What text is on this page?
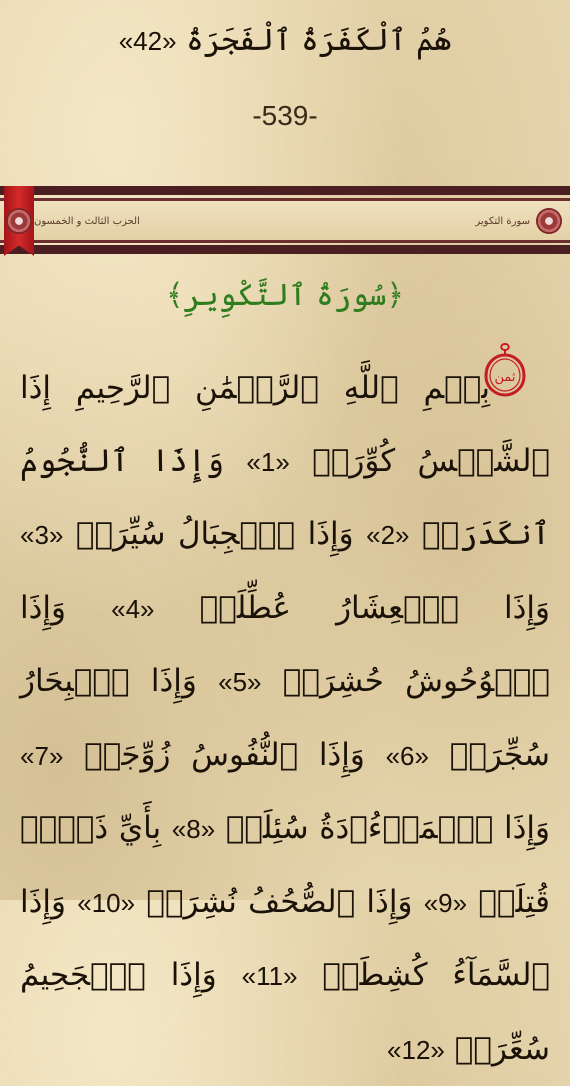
هُمُ ٱلْكَفَرَةُ ٱلْفَجَرَةُ «42»
-539-
الحزب الثالث و الخمسون	سورة التكوير
﴿سُورَةُ ٱلتَّكْوِيرِ﴾
ثمن
بِسۡمِ ٱللَّهِ ٱلرَّحۡمَٰنِ ٱلرَّحِيمِ إِذَا ٱلشَّمۡسُ كُوِّرَتۡ «1» وَإِذَا ٱلنُّجُومُ ٱنكَدَرَتۡ «2» وَإِذَا ٱلۡجِبَالُ سُيِّرَتۡ «3» وَإِذَا ٱلۡعِشَارُ عُطِّلَتۡ «4» وَإِذَا ٱلۡوُحُوشُ حُشِرَتۡ «5» وَإِذَا ٱلۡبِحَارُ سُجِّرَتۡ «6» وَإِذَا ٱلنُّفُوسُ زُوِّجَتۡ «7» وَإِذَا ٱلۡمَوۡءُۥدَةُ سُئِلَتۡ «8» بِأَيِّ ذَنۢبٖ قُتِلَتۡ «9» وَإِذَا ٱلصُّحُفُ نُشِرَتۡ «10» وَإِذَا ٱلسَّمَآءُ كُشِطَتۡ «11» وَإِذَا ٱلۡجَحِيمُ سُعِّرَتۡ «12»
